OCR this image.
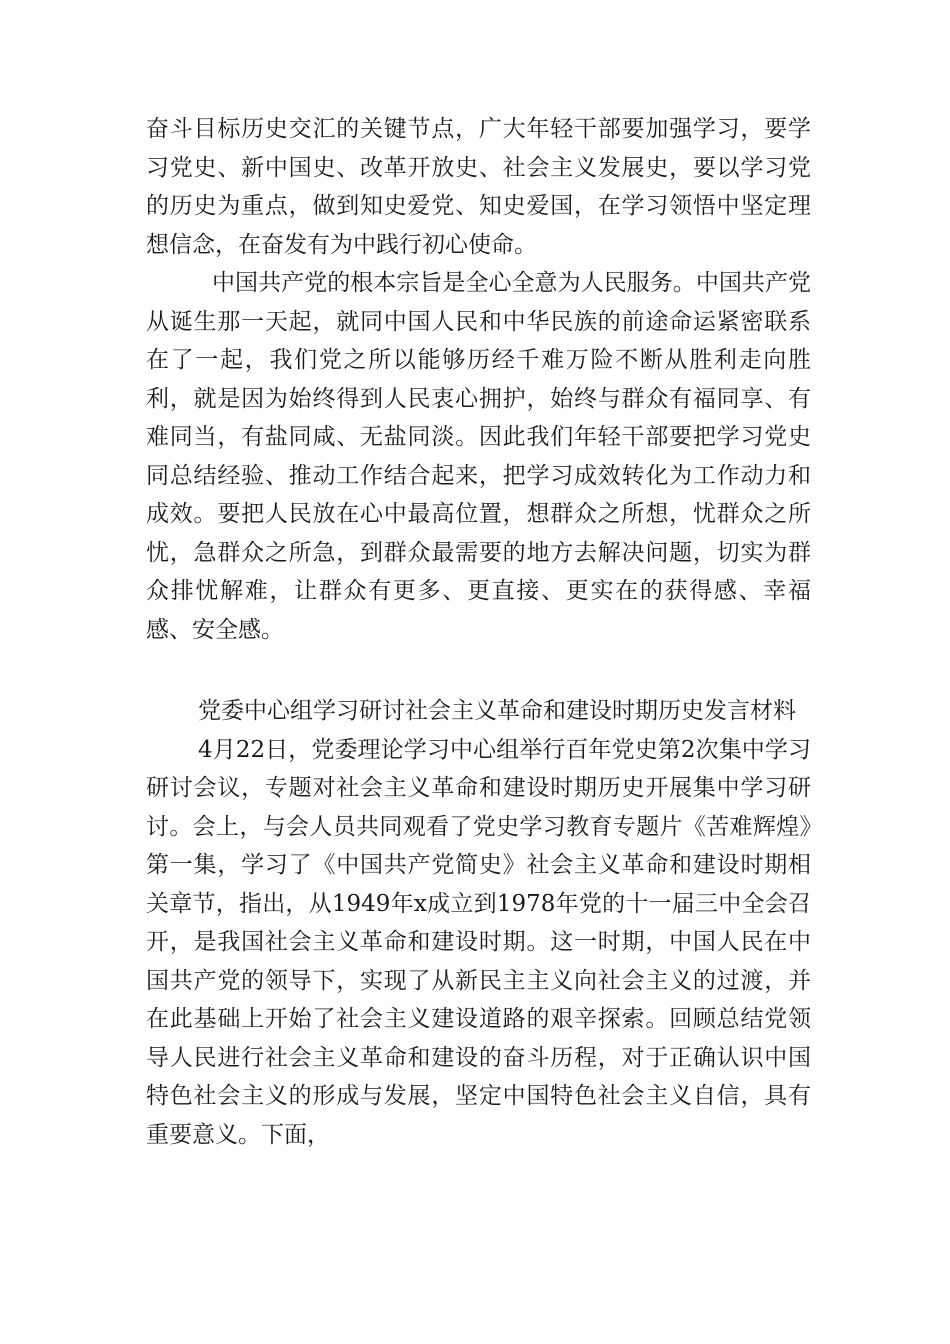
奋斗目标历史交汇的关键节点，广大年轻干部要加强学习，要学习党史、新中国史、改革开放史、社会主义发展史，要以学习党的历史为重点，做到知史爱党、知史爱国，在学习领悟中坚定理想信念，在奋发有为中践行初心使命。

中国共产党的根本宗旨是全心全意为人民服务。中国共产党从诞生那一天起，就同中国人民和中华民族的前途命运紧密联系在了一起，我们党之所以能够历经千难万险不断从胜利走向胜利，就是因为始终得到人民衷心拥护，始终与群众有福同享、有难同当，有盐同咸、无盐同淡。因此我们年轻干部要把学习党史同总结经验、推动工作结合起来，把学习成效转化为工作动力和成效。要把人民放在心中最高位置，想群众之所想，忧群众之所忧，急群众之所急，到群众最需要的地方去解决问题，切实为群众排忧解难，让群众有更多、更直接、更实在的获得感、幸福感、安全感。

党委中心组学习研讨社会主义革命和建设时期历史发言材料

4月22日，党委理论学习中心组举行百年党史第2次集中学习研讨会议，专题对社会主义革命和建设时期历史开展集中学习研讨。会上，与会人员共同观看了党史学习教育专题片《苦难辉煌》第一集，学习了《中国共产党简史》社会主义革命和建设时期相关章节，指出，从1949年x成立到1978年党的十一届三中全会召开，是我国社会主义革命和建设时期。这一时期，中国人民在中国共产党的领导下，实现了从新民主主义向社会主义的过渡，并在此基础上开始了社会主义建设道路的艰辛探索。回顾总结党领导人民进行社会主义革命和建设的奋斗历程，对于正确认识中国特色社会主义的形成与发展，坚定中国特色社会主义自信，具有重要意义。下面，
